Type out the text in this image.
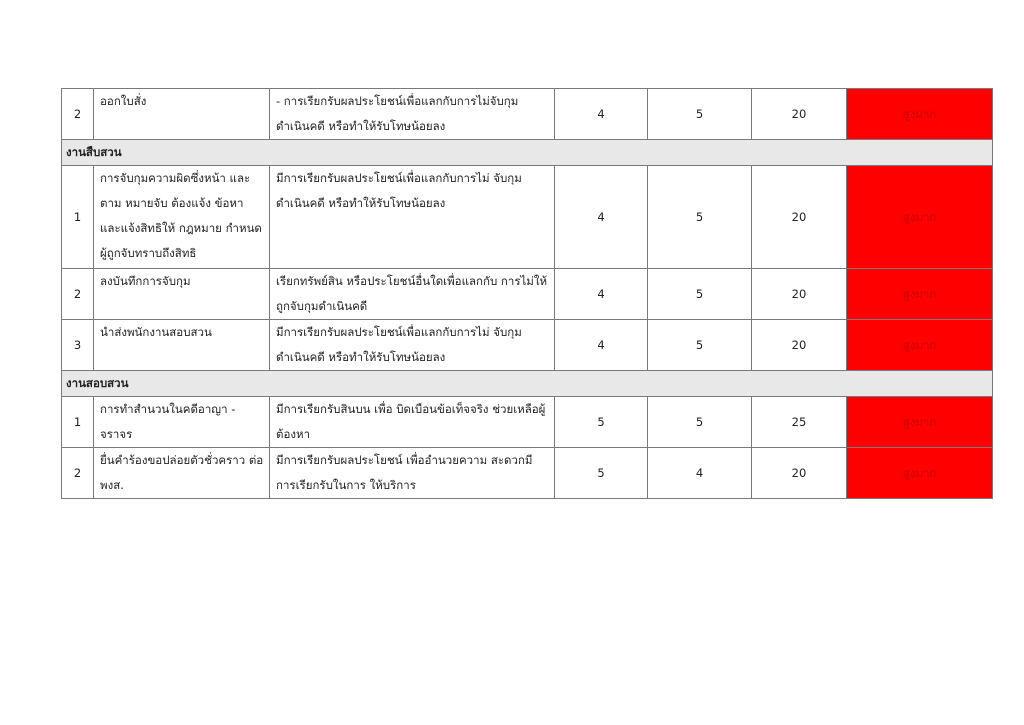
2	ออกใบสั่ง	- การเรียกรับผลประโยชน์เพื่อแลกกับการไม่จับกุม ดำเนินคดี หรือทำให้รับโทษน้อยลง	4	5	20	สูงมาก
งานสืบสวน						
1	การจับกุมความผิดซึ่งหน้า และ ตาม หมายจับ ต้องแจ้ง ข้อหา และแจ้งสิทธิให้ กฎหมาย กำหนด ผู้ถูกจับทราบถึงสิทธิ	มีการเรียกรับผลประโยชน์เพื่อแลกกับการไม่ จับกุมดำเนินคดี หรือทำให้รับโทษน้อยลง	4	5	20	สูงมาก
2	ลงบันทึกการจับกุม	เรียกทรัพย์สิน หรือประโยชน์อื่นใดเพื่อแลกกับ การไม่ให้ถูกจับกุมดำเนินคดี	4	5	20	สูงมาก
3	นำส่งพนักงานสอบสวน	มีการเรียกรับผลประโยชน์เพื่อแลกกับการไม่ จับกุมดำเนินคดี หรือทำให้รับโทษน้อยลง	4	5	20	สูงมาก
งานสอบสวน						
1	การทำสำนวนในคดีอาญา - จราจร	มีการเรียกรับสินบน เพื่อ บิดเบือนข้อเท็จจริง ช่วยเหลือผู้ต้องหา	5	5	25	สูงมาก
2	ยื่นคำร้องขอปล่อยตัวชั่วคราว ต่อพงส.	มีการเรียกรับผลประโยชน์ เพื่ออำนวยความ สะดวกมี การเรียกรับในการ ให้บริการ	5	4	20	สูงมาก
